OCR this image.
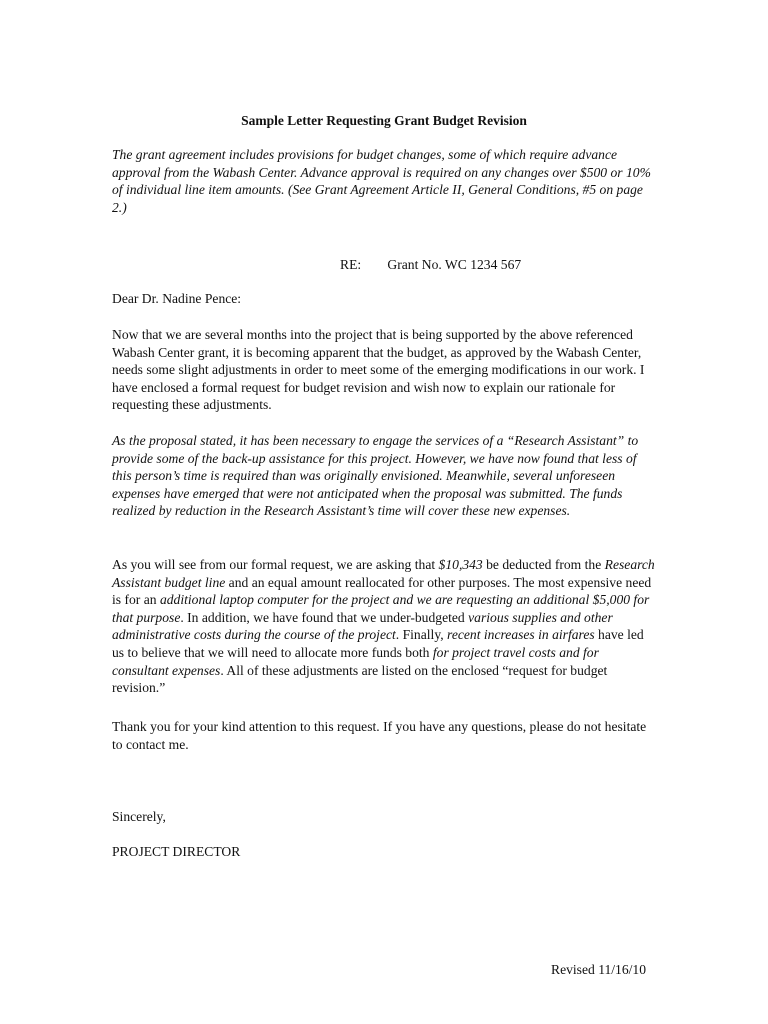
Sample Letter Requesting Grant Budget Revision

The grant agreement includes provisions for budget changes, some of which require advance approval from the Wabash Center. Advance approval is required on any changes over $500 or 10% of individual line item amounts. (See Grant Agreement Article II, General Conditions, #5 on page 2.)

RE: Grant No. WC 1234 567

Dear Dr. Nadine Pence:

Now that we are several months into the project that is being supported by the above referenced Wabash Center grant, it is becoming apparent that the budget, as approved by the Wabash Center, needs some slight adjustments in order to meet some of the emerging modifications in our work. I have enclosed a formal request for budget revision and wish now to explain our rationale for requesting these adjustments.

As the proposal stated, it has been necessary to engage the services of a “Research Assistant” to provide some of the back-up assistance for this project. However, we have now found that less of this person’s time is required than was originally envisioned. Meanwhile, several unforeseen expenses have emerged that were not anticipated when the proposal was submitted. The funds realized by reduction in the Research Assistant’s time will cover these new expenses.

As you will see from our formal request, we are asking that $10,343 be deducted from the Research Assistant budget line and an equal amount reallocated for other purposes. The most expensive need is for an additional laptop computer for the project and we are requesting an additional $5,000 for that purpose. In addition, we have found that we under-budgeted various supplies and other administrative costs during the course of the project. Finally, recent increases in airfares have led us to believe that we will need to allocate more funds both for project travel costs and for consultant expenses. All of these adjustments are listed on the enclosed “request for budget revision.”

Thank you for your kind attention to this request. If you have any questions, please do not hesitate to contact me.

Sincerely,

PROJECT DIRECTOR

Revised 11/16/10
